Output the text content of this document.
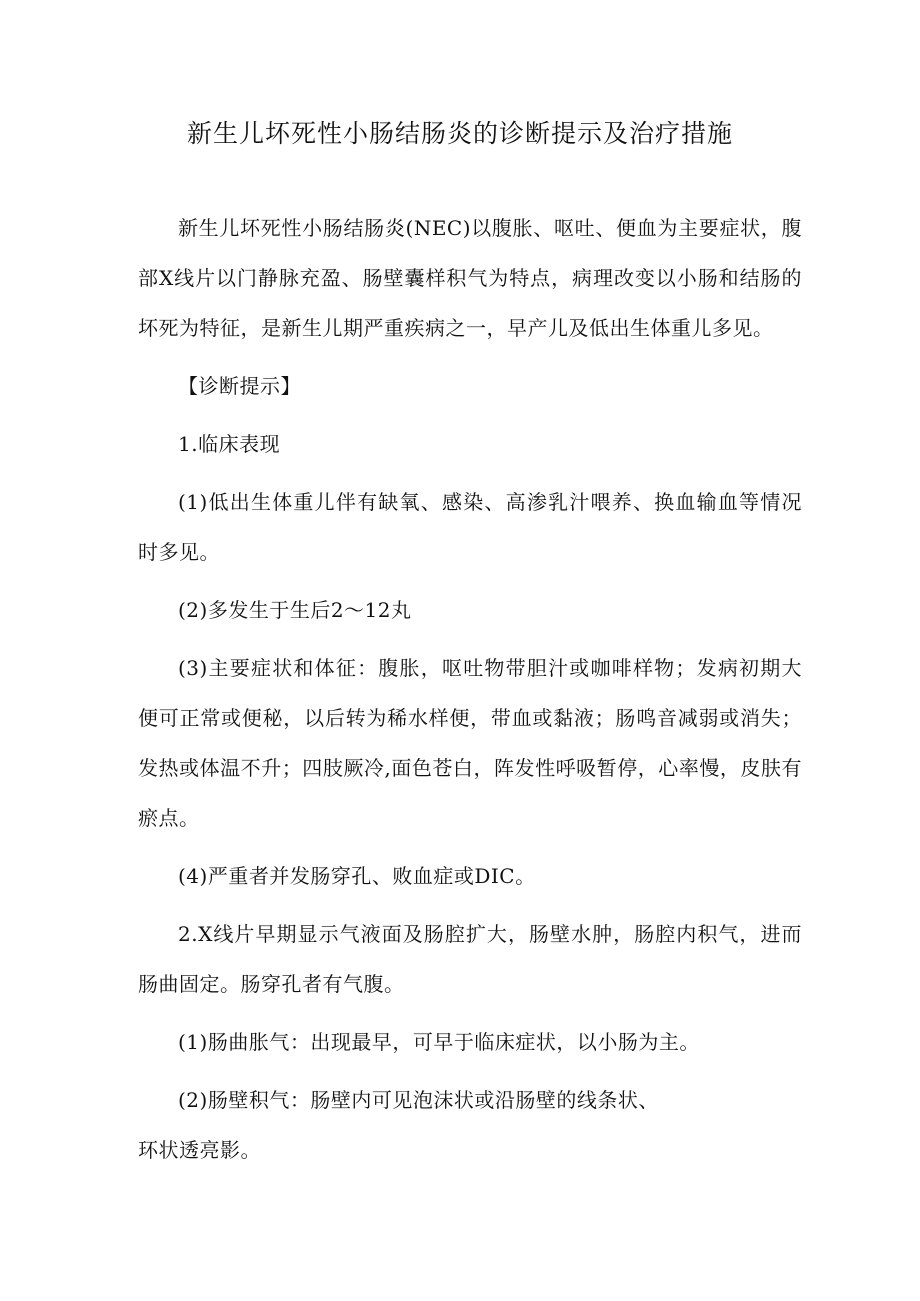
新生儿坏死性小肠结肠炎的诊断提示及治疗措施

新生儿坏死性小肠结肠炎(NEC)以腹胀、呕吐、便血为主要症状，腹部X线片以门静脉充盈、肠壁囊样积气为特点，病理改变以小肠和结肠的坏死为特征，是新生儿期严重疾病之一，早产儿及低出生体重儿多见。

【诊断提示】

1.临床表现

(1)低出生体重儿伴有缺氧、感染、高渗乳汁喂养、换血输血等情况时多见。

(2)多发生于生后2～12丸

(3)主要症状和体征：腹胀，呕吐物带胆汁或咖啡样物；发病初期大便可正常或便秘，以后转为稀水样便，带血或黏液；肠鸣音减弱或消失；发热或体温不升；四肢厥冷,面色苍白，阵发性呼吸暂停，心率慢，皮肤有瘀点。

(4)严重者并发肠穿孔、败血症或DIC。

2.X线片早期显示气液面及肠腔扩大，肠壁水肿，肠腔内积气，进而肠曲固定。肠穿孔者有气腹。

(1)肠曲胀气：出现最早，可早于临床症状，以小肠为主。

(2)肠壁积气：肠壁内可见泡沫状或沿肠壁的线条状、

环状透亮影。
